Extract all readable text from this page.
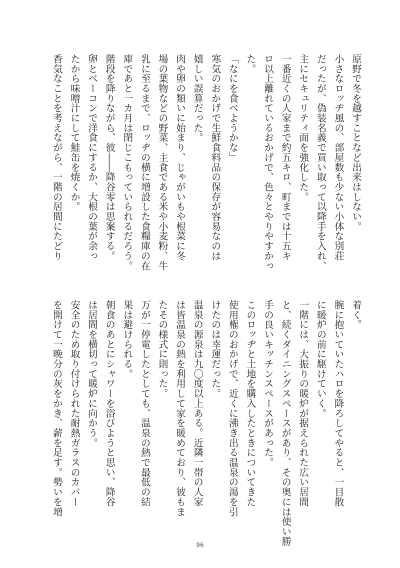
原野で冬を越すことなど出来はしない。

小さなロッヂ風の、部屋数も少ない小体な別荘

だったが、偽装名義で買い取って以降手を入れ、

主にセキュリティ面を強化した。

一番近くの人家まで約五キロ、町までは十五キ

ロ以上離れているおかげで、色々とやりやすかっ

た。

「なにを食べようかな」

寒気のおかげで生鮮食料品の保存が容易なのは

嬉しい誤算だった。

肉や卵の類いに始まり、じゃがいもや根菜に冬

場の葉物などの野菜、主食である米や小麦粉、牛

乳に至るまで、ロッヂの横に増設した食糧庫の在

庫であと一カ月は閉じこもっていられるだろう。

階段を降りながら、彼――降谷零は思案する。

卵とベーコンで洋食にするか、大根の葉が余っ

たから味噌汁にして鮭缶を焼くか。

香気なことを考えながら、一階の居間にたどり

着く。

腕に抱いていたハロを降ろしてやると、一目散

に暖炉の前に駆けていく。

一階には、大振りの暖炉が据えられた広い居間

と、続くダイニングスペースがあり、その奥には使い勝

手の良いキッチンスペースがあった。

このロッヂと土地を購入したときについてきた

使用権のおかげで、近くに沸き出る温泉の湯を引

けたのは幸運だった。

温泉の源泉は九〇度以上ある。近隣一帯の人家

は皆温泉の熱を利用して家を暖めており、彼もま

たその様式に則った。

万が一停電したとしても、温泉の熱で最低の結

果は避けられる。

朝食のあとにシャワーを浴びようと思い、降谷

は居間を横切って暖炉に向かう。

安全のため取り付けられた耐熱ガラスのカバー

を開けて一晩分の灰をかき、薪を足す。勢いを増

96
